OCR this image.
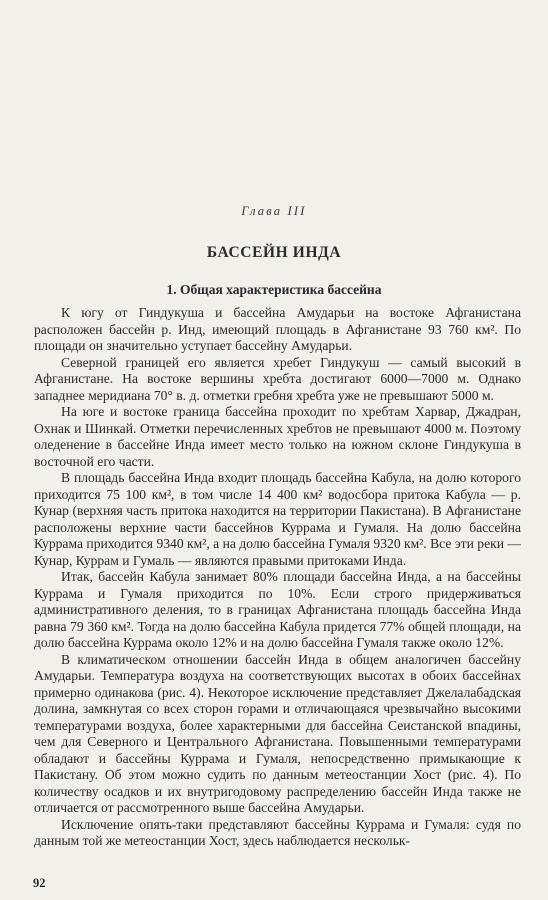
Глава III
БАССЕЙН ИНДА
1. Общая характеристика бассейна

К югу от Гиндукуша и бассейна Амударьи на востоке Афганистана расположен бассейн р. Инд, имеющий площадь в Афганистане 93 760 км². По площади он значительно уступает бассейну Амударьи.

Северной границей его является хребет Гиндукуш — самый высокий в Афганистане. На востоке вершины хребта достигают 6000—7000 м. Однако западнее меридиана 70° в. д. отметки гребня хребта уже не превышают 5000 м.

На юге и востоке граница бассейна проходит по хребтам Харвар, Джадран, Охнак и Шинкай. Отметки перечисленных хребтов не превышают 4000 м. Поэтому оледенение в бассейне Инда имеет место только на южном склоне Гиндукуша в восточной его части.

В площадь бассейна Инда входит площадь бассейна Кабула, на долю которого приходится 75 100 км², в том числе 14 400 км² водосбора притока Кабула — р. Кунар (верхняя часть притока находится на территории Пакистана). В Афганистане расположены верхние части бассейнов Куррама и Гумаля. На долю бассейна Куррама приходится 9340 км², а на долю бассейна Гумаля 9320 км². Все эти реки — Кунар, Куррам и Гумаль — являются правыми притоками Инда.

Итак, бассейн Кабула занимает 80% площади бассейна Инда, а на бассейны Куррама и Гумаля приходится по 10%. Если строго придерживаться административного деления, то в границах Афганистана площадь бассейна Инда равна 79 360 км². Тогда на долю бассейна Кабула придется 77% общей площади, на долю бассейна Куррама около 12% и на долю бассейна Гумаля также около 12%.

В климатическом отношении бассейн Инда в общем аналогичен бассейну Амударьи. Температура воздуха на соответствующих высотах в обоих бассейнах примерно одинакова (рис. 4). Некоторое исключение представляет Джелалабадская долина, замкнутая со всех сторон горами и отличающаяся чрезвычайно высокими температурами воздуха, более характерными для бассейна Сеистанской впадины, чем для Северного и Центрального Афганистана. Повышенными температурами обладают и бассейны Куррама и Гумаля, непосредственно примыкающие к Пакистану. Об этом можно судить по данным метеостанции Хост (рис. 4). По количеству осадков и их внутригодовому распределению бассейн Инда также не отличается от рассмотренного выше бассейна Амударьи.

Исключение опять-таки представляют бассейны Куррама и Гумаля: судя по данным той же метеостанции Хост, здесь наблюдается нескольк-

92
